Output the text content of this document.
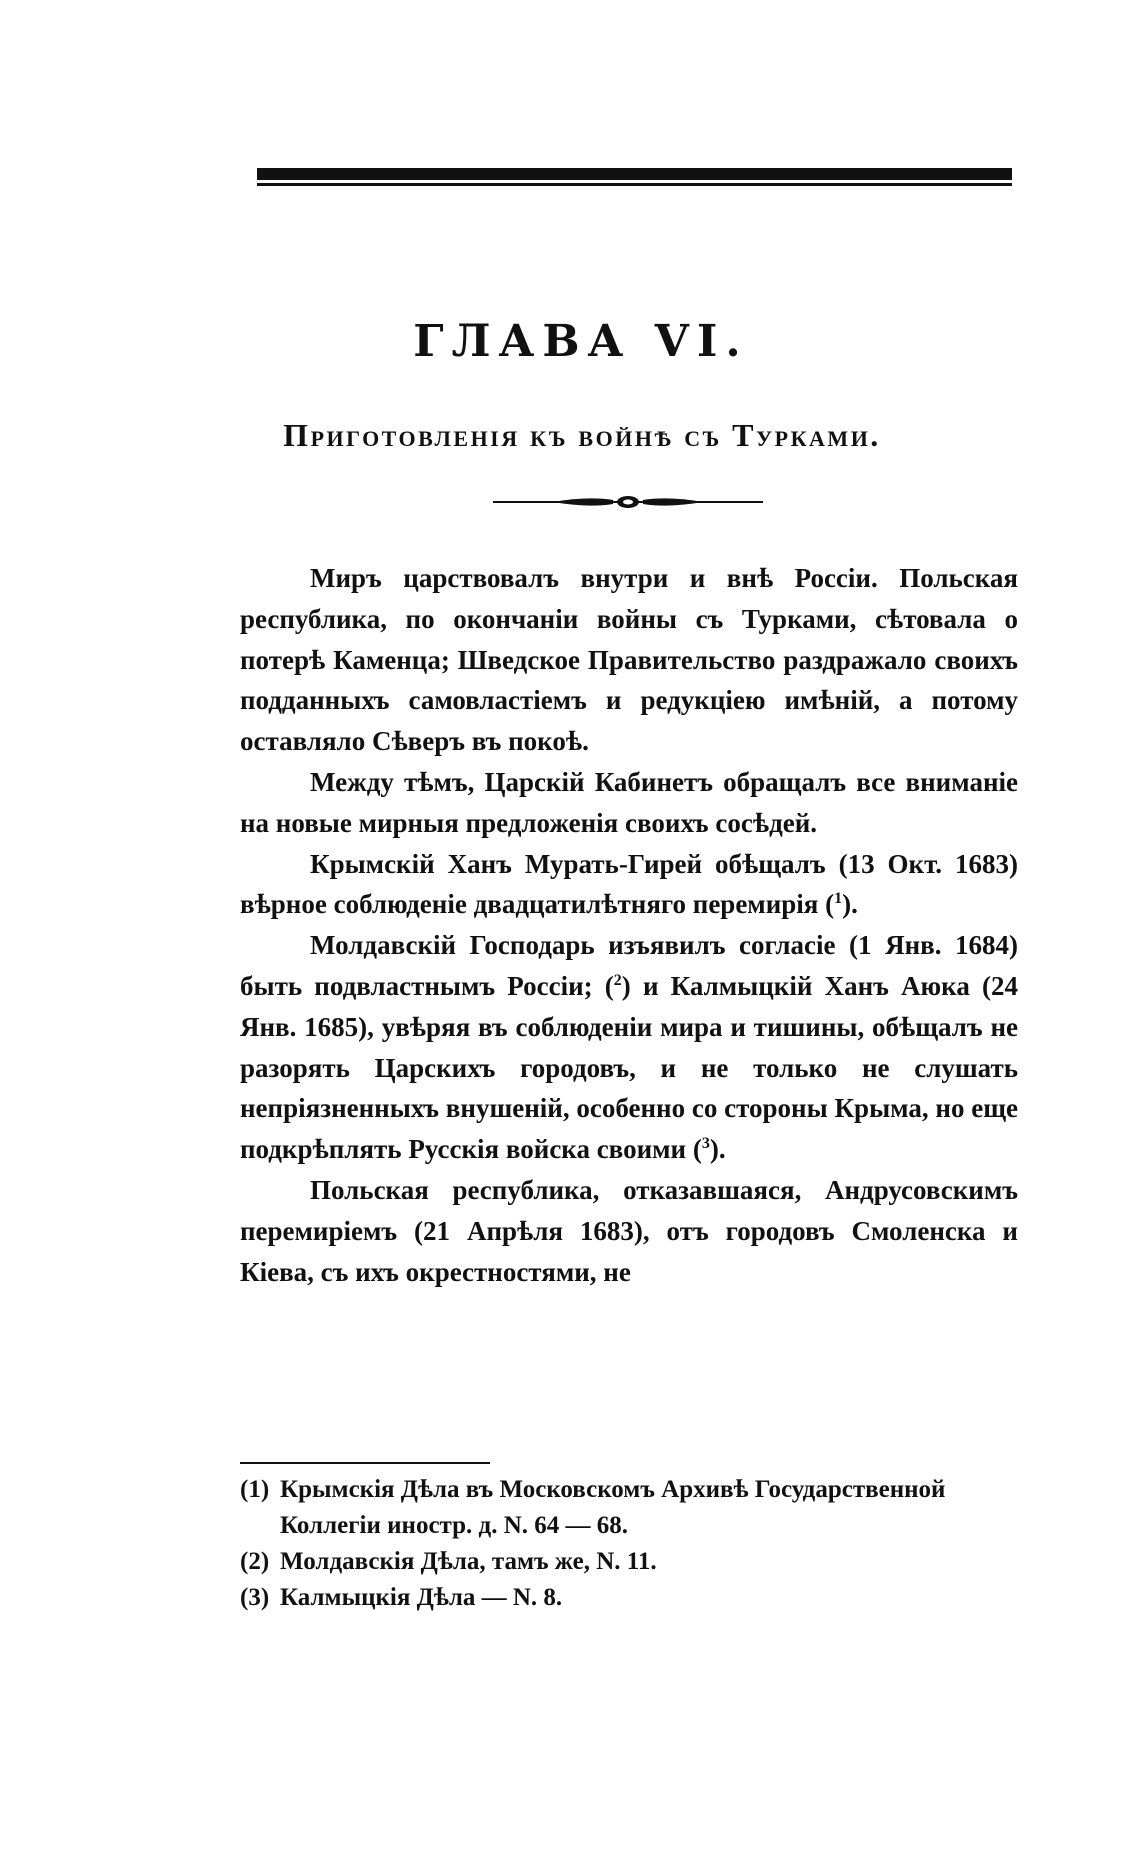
ГЛАВА VI.
Приготовленія къ войнѣ съ Турками.

Миръ царствовалъ внутри и внѣ Россіи. Польская республика, по окончаніи войны съ Турками, сѣтовала о потерѣ Каменца; Шведское Правительство раздражало своихъ подданныхъ самовластіемъ и редукціею имѣній, а потому оставляло Сѣверъ въ покоѣ.

Между тѣмъ, Царскій Кабинетъ обращалъ все вниманіе на новые мирныя предложенія своихъ сосѣдей.

Крымскій Ханъ Мурать-Гирей обѣщалъ (13 Окт. 1683) вѣрное соблюденіе двадцатилѣтняго перемирія ($^1$).

Молдавскій Господарь изъявилъ согласіе (1 Янв. 1684) быть подвластнымъ Россіи; ($^2$) и Калмыцкій Ханъ Аюка (24 Янв. 1685), увѣряя въ соблюденіи мира и тишины, обѣщалъ не разорять Царскихъ городовъ, и не только не слушать непріязненныхъ внушеній, особенно со стороны Крыма, но еще подкрѣплять Русскія войска своими ($^3$).

Польская республика, отказавшаяся, Андрусовскимъ перемиріемъ (21 Апрѣля 1683), отъ городовъ Смоленска и Кіева, съ ихъ окрестностями, не

(1) Крымскія Дѣла въ Московскомъ Архивѣ Государственной Коллегіи иностр. д. N. 64 — 68.

(2) Молдавскія Дѣла, тамъ же, N. 11.

(3) Калмыцкія Дѣла — N. 8.
